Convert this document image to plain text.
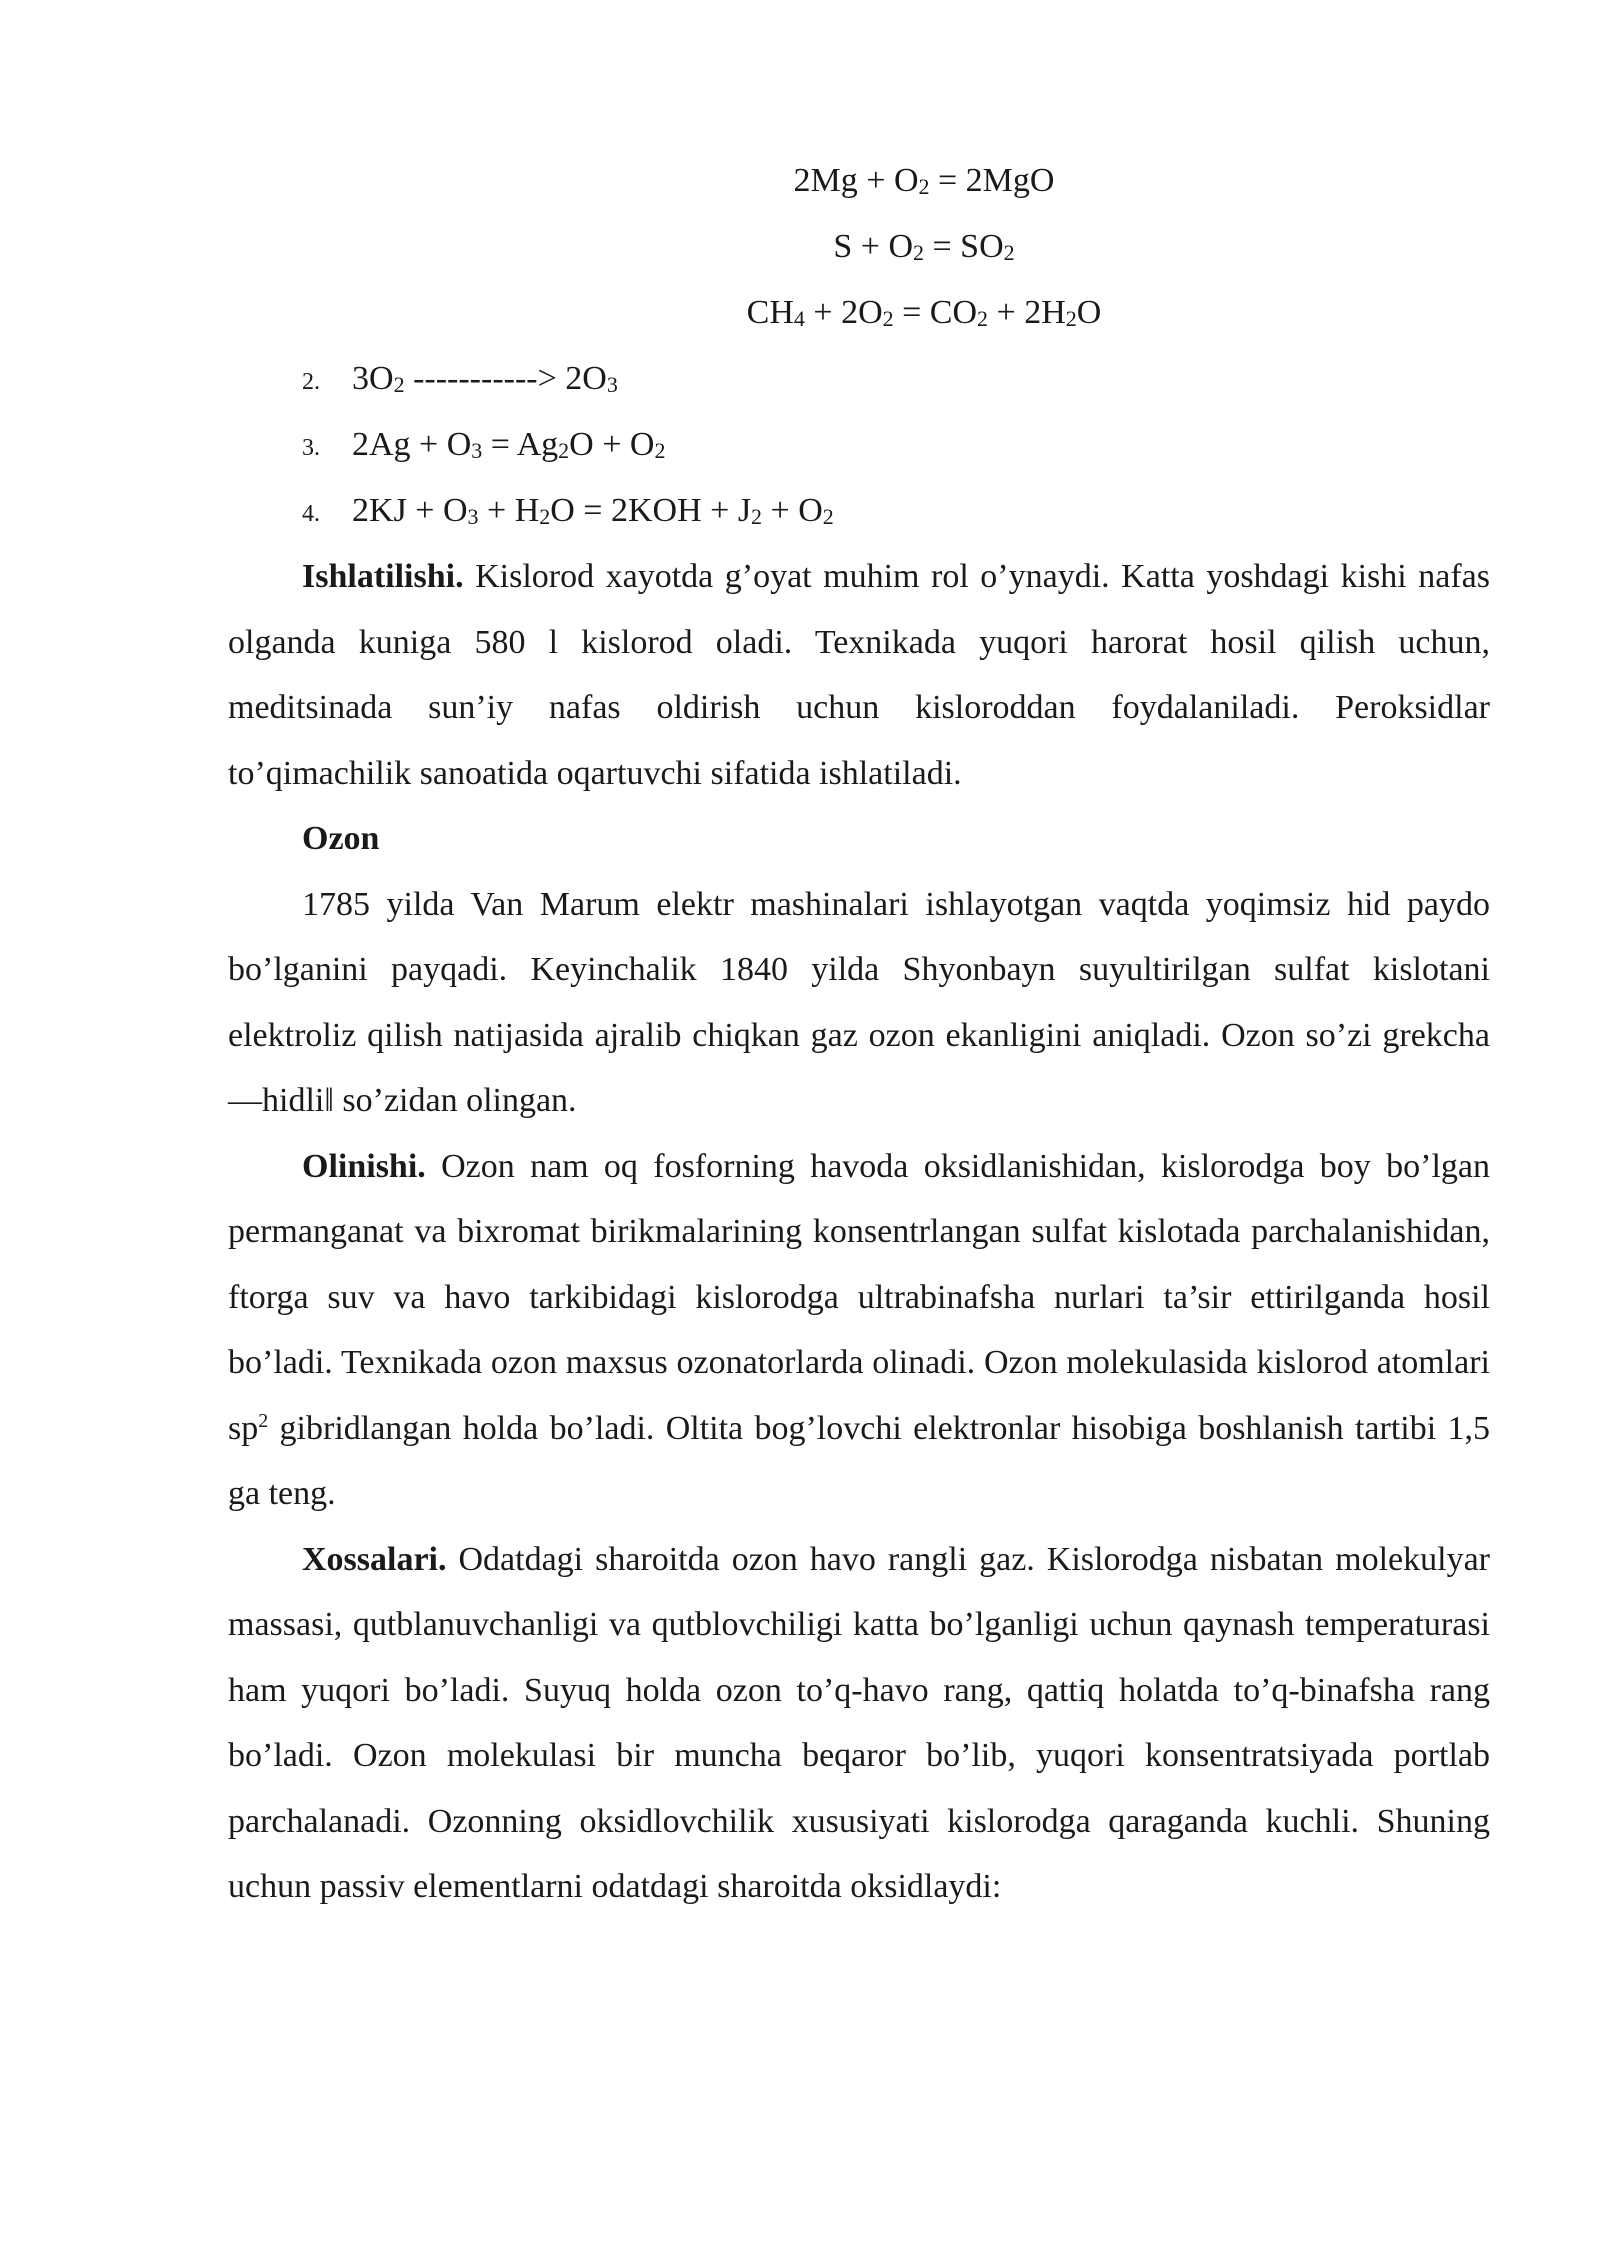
$2Mg + O_2 = 2MgO$
$S + O_2 = SO_2$
$CH_4 + 2O_2 = CO_2 + 2H_2O$
2. $3O_2$ -----------> $2O_3$
3. $2Ag + O_3 = Ag_2O + O_2$
4. $2KJ + O_3 + H_2O = 2KOH + J_2 + O_2$

Ishlatilishi. Kislorod xayotda g’oyat muhim rol o’ynaydi. Katta yoshdagi kishi nafas olganda kuniga 580 l kislorod oladi. Texnikada yuqori harorat hosil qilish uchun, meditsinada sun’iy nafas oldirish uchun kisloroddan foydalaniladi. Peroksidlar to’qimachilik sanoatida oqartuvchi sifatida ishlatiladi.

Ozon

1785 yilda Van Marum elektr mashinalari ishlayotgan vaqtda yoqimsiz hid paydo bo’lganini payqadi. Keyinchalik 1840 yilda Shyonbayn suyultirilgan sulfat kislotani elektroliz qilish natijasida ajralib chiqkan gaz ozon ekanligini aniqladi. Ozon so’zi grekcha ―hidli‖ so’zidan olingan.

Olinishi. Ozon nam oq fosforning havoda oksidlanishidan, kislorodga boy bo’lgan permanganat va bixromat birikmalarining konsentrlangan sulfat kislotada parchalanishidan, ftorga suv va havo tarkibidagi kislorodga ultrabinafsha nurlari ta’sir ettirilganda hosil bo’ladi. Texnikada ozon maxsus ozonatorlarda olinadi. Ozon molekulasida kislorod atomlari $sp^2$ gibridlangan holda bo’ladi. Oltita bog’lovchi elektronlar hisobiga boshlanish tartibi 1,5 ga teng.

Xossalari. Odatdagi sharoitda ozon havo rangli gaz. Kislorodga nisbatan molekulyar massasi, qutblanuvchanligi va qutblovchiligi katta bo’lganligi uchun qaynash temperaturasi ham yuqori bo’ladi. Suyuq holda ozon to’q-havo rang, qattiq holatda to’q-binafsha rang bo’ladi. Ozon molekulasi bir muncha beqaror bo’lib, yuqori konsentratsiyada portlab parchalanadi. Ozonning oksidlovchilik xususiyati kislorodga qaraganda kuchli. Shuning uchun passiv elementlarni odatdagi sharoitda oksidlaydi:
